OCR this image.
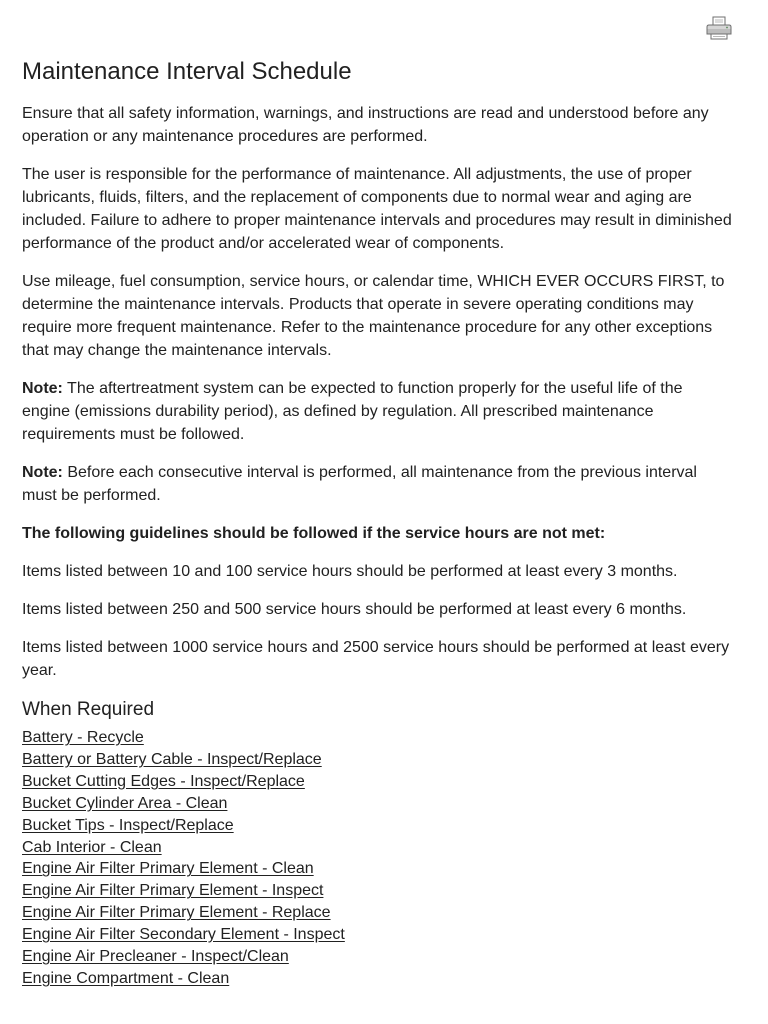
Maintenance Interval Schedule

Ensure that all safety information, warnings, and instructions are read and understood before any operation or any maintenance procedures are performed.

The user is responsible for the performance of maintenance. All adjustments, the use of proper lubricants, fluids, filters, and the replacement of components due to normal wear and aging are included. Failure to adhere to proper maintenance intervals and procedures may result in diminished performance of the product and/or accelerated wear of components.

Use mileage, fuel consumption, service hours, or calendar time, WHICH EVER OCCURS FIRST, to determine the maintenance intervals. Products that operate in severe operating conditions may require more frequent maintenance. Refer to the maintenance procedure for any other exceptions that may change the maintenance intervals.

Note: The aftertreatment system can be expected to function properly for the useful life of the engine (emissions durability period), as defined by regulation. All prescribed maintenance requirements must be followed.

Note: Before each consecutive interval is performed, all maintenance from the previous interval must be performed.

The following guidelines should be followed if the service hours are not met:

Items listed between 10 and 100 service hours should be performed at least every 3 months.

Items listed between 250 and 500 service hours should be performed at least every 6 months.

Items listed between 1000 service hours and 2500 service hours should be performed at least every year.

When Required
Battery - Recycle
Battery or Battery Cable - Inspect/Replace
Bucket Cutting Edges - Inspect/Replace
Bucket Cylinder Area - Clean
Bucket Tips - Inspect/Replace
Cab Interior - Clean
Engine Air Filter Primary Element - Clean
Engine Air Filter Primary Element - Inspect
Engine Air Filter Primary Element - Replace
Engine Air Filter Secondary Element - Inspect
Engine Air Precleaner - Inspect/Clean
Engine Compartment - Clean
